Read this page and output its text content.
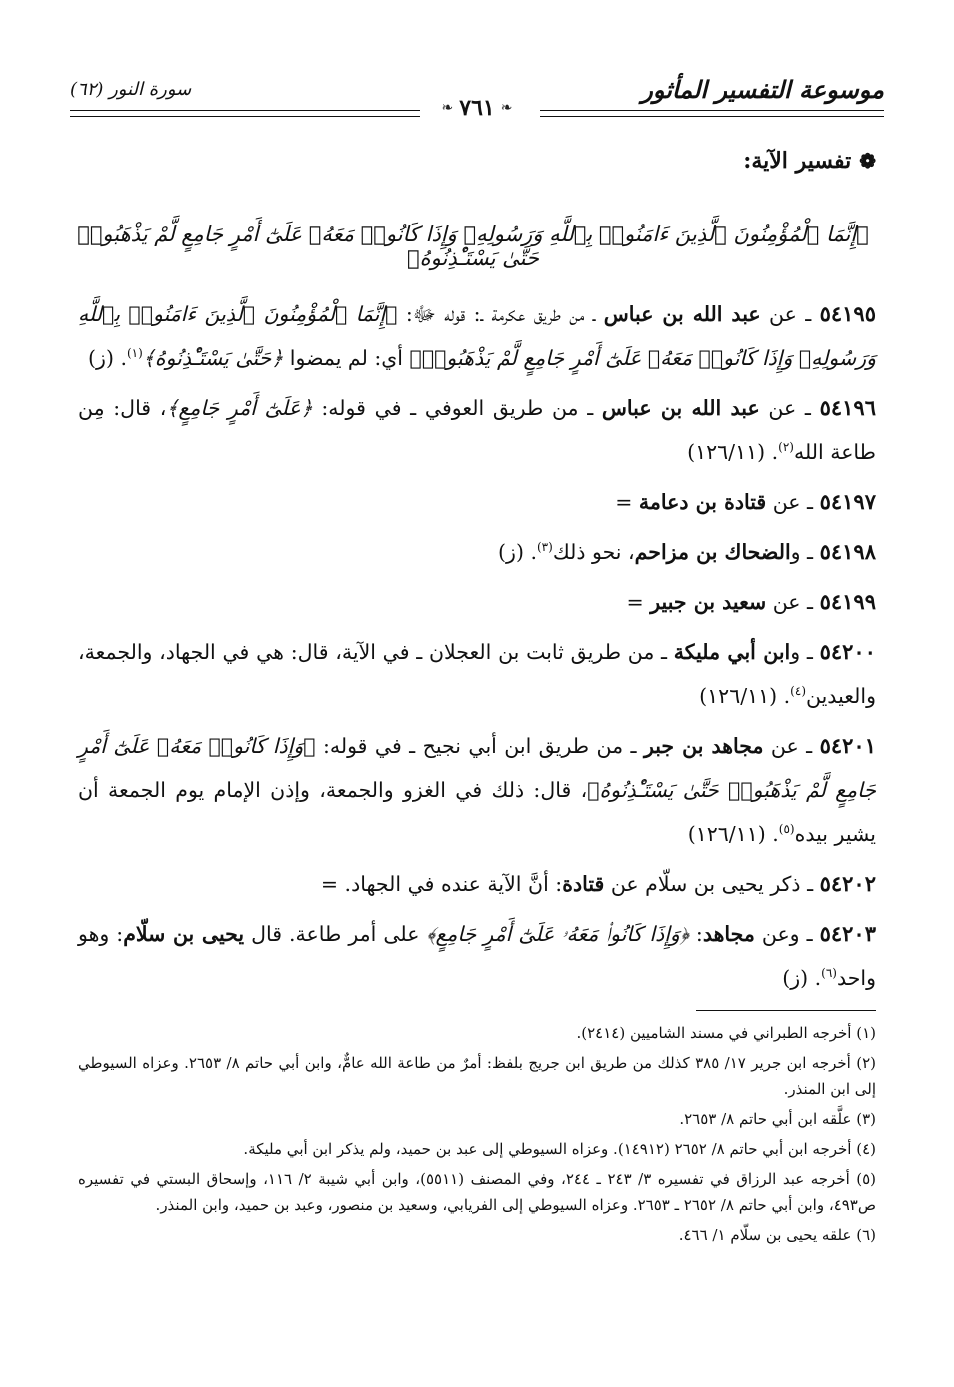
موسوعة التفسير المأثور
سورة النور (٦٢)
❧ ٧٦١ ❧
❁
تفسير الآية:
﴿إِنَّمَا ٱلْمُؤْمِنُونَ ٱلَّذِينَ ءَامَنُوا۟ بِٱللَّهِ وَرَسُولِهِۦ وَإِذَا كَانُوا۟ مَعَهُۥ عَلَىٰٓ أَمْرٍ جَامِعٍ لَّمْ يَذْهَبُوا۟ حَتَّىٰ يَسْتَـْٔذِنُوهُ﴾

٥٤١٩٥ ـ عن عبد الله بن عباس ـ من طريق عكرمة ـ: قوله ﷻ: ﴿إِنَّمَا ٱلْمُؤْمِنُونَ ٱلَّذِينَ ءَامَنُوا۟ بِٱللَّهِ وَرَسُولِهِۦ وَإِذَا كَانُوا۟ مَعَهُۥ عَلَىٰٓ أَمْرٍ جَامِعٍ لَّمْ يَذْهَبُوا۟﴾ أي: لم يمضوا ﴿حَتَّىٰ يَسْتَـْٔذِنُوهُ﴾$^{(١)}$. (ز)

٥٤١٩٦ ـ عن عبد الله بن عباس ـ من طريق العوفي ـ في قوله: ﴿عَلَىٰٓ أَمْرٍ جَامِعٍ﴾، قال: مِن طاعة الله$^{(٢)}$. (١٢٦/١١)

٥٤١٩٧ ـ عن قتادة بن دعامة =

٥٤١٩٨ ـ والضحاك بن مزاحم، نحو ذلك$^{(٣)}$. (ز)

٥٤١٩٩ ـ عن سعيد بن جبير =

٥٤٢٠٠ ـ وابن أبي مليكة ـ من طريق ثابت بن العجلان ـ في الآية، قال: هي في الجهاد، والجمعة، والعيدين$^{(٤)}$. (١٢٦/١١)

٥٤٢٠١ ـ عن مجاهد بن جبر ـ من طريق ابن أبي نجيح ـ في قوله: ﴿وَإِذَا كَانُوا۟ مَعَهُۥ عَلَىٰٓ أَمْرٍ جَامِعٍ لَّمْ يَذْهَبُوا۟ حَتَّىٰ يَسْتَـْٔذِنُوهُ﴾، قال: ذلك في الغزو والجمعة، وإذن الإمام يوم الجمعة أن يشير بيده$^{(٥)}$. (١٢٦/١١)

٥٤٢٠٢ ـ ذكر يحيى بن سلّام عن قتادة: أنَّ الآية عنده في الجهاد. =

٥٤٢٠٣ ـ وعن مجاهد: ﴿وَإِذَا كَانُوا۟ مَعَهُۥ عَلَىٰٓ أَمْرٍ جَامِعٍ﴾ على أمر طاعة. قال يحيى بن سلّام: وهو واحد$^{(٦)}$. (ز)

(١) أخرجه الطبراني في مسند الشاميين (٢٤١٤).

(٢) أخرجه ابن جرير ١٧/ ٣٨٥ كذلك من طريق ابن جريج بلفظ: أمرٌ من طاعة الله عامٌّ، وابن أبي حاتم ٨/ ٢٦٥٣. وعزاه السيوطي إلى ابن المنذر.

(٣) علَّقه ابن أبي حاتم ٨/ ٢٦٥٣.

(٤) أخرجه ابن أبي حاتم ٨/ ٢٦٥٢ (١٤٩١٢). وعزاه السيوطي إلى عبد بن حميد، ولم يذكر ابن أبي مليكة.

(٥) أخرجه عبد الرزاق في تفسيره ٣/ ٢٤٣ ـ ٢٤٤، وفي المصنف (٥٥١١)، وابن أبي شيبة ٢/ ١١٦، وإسحاق البستي في تفسيره ص٤٩٣، وابن أبي حاتم ٨/ ٢٦٥٢ ـ ٢٦٥٣. وعزاه السيوطي إلى الفريابي، وسعيد بن منصور، وعبد بن حميد، وابن المنذر.

(٦) علقه يحيى بن سلّام ١/ ٤٦٦.
